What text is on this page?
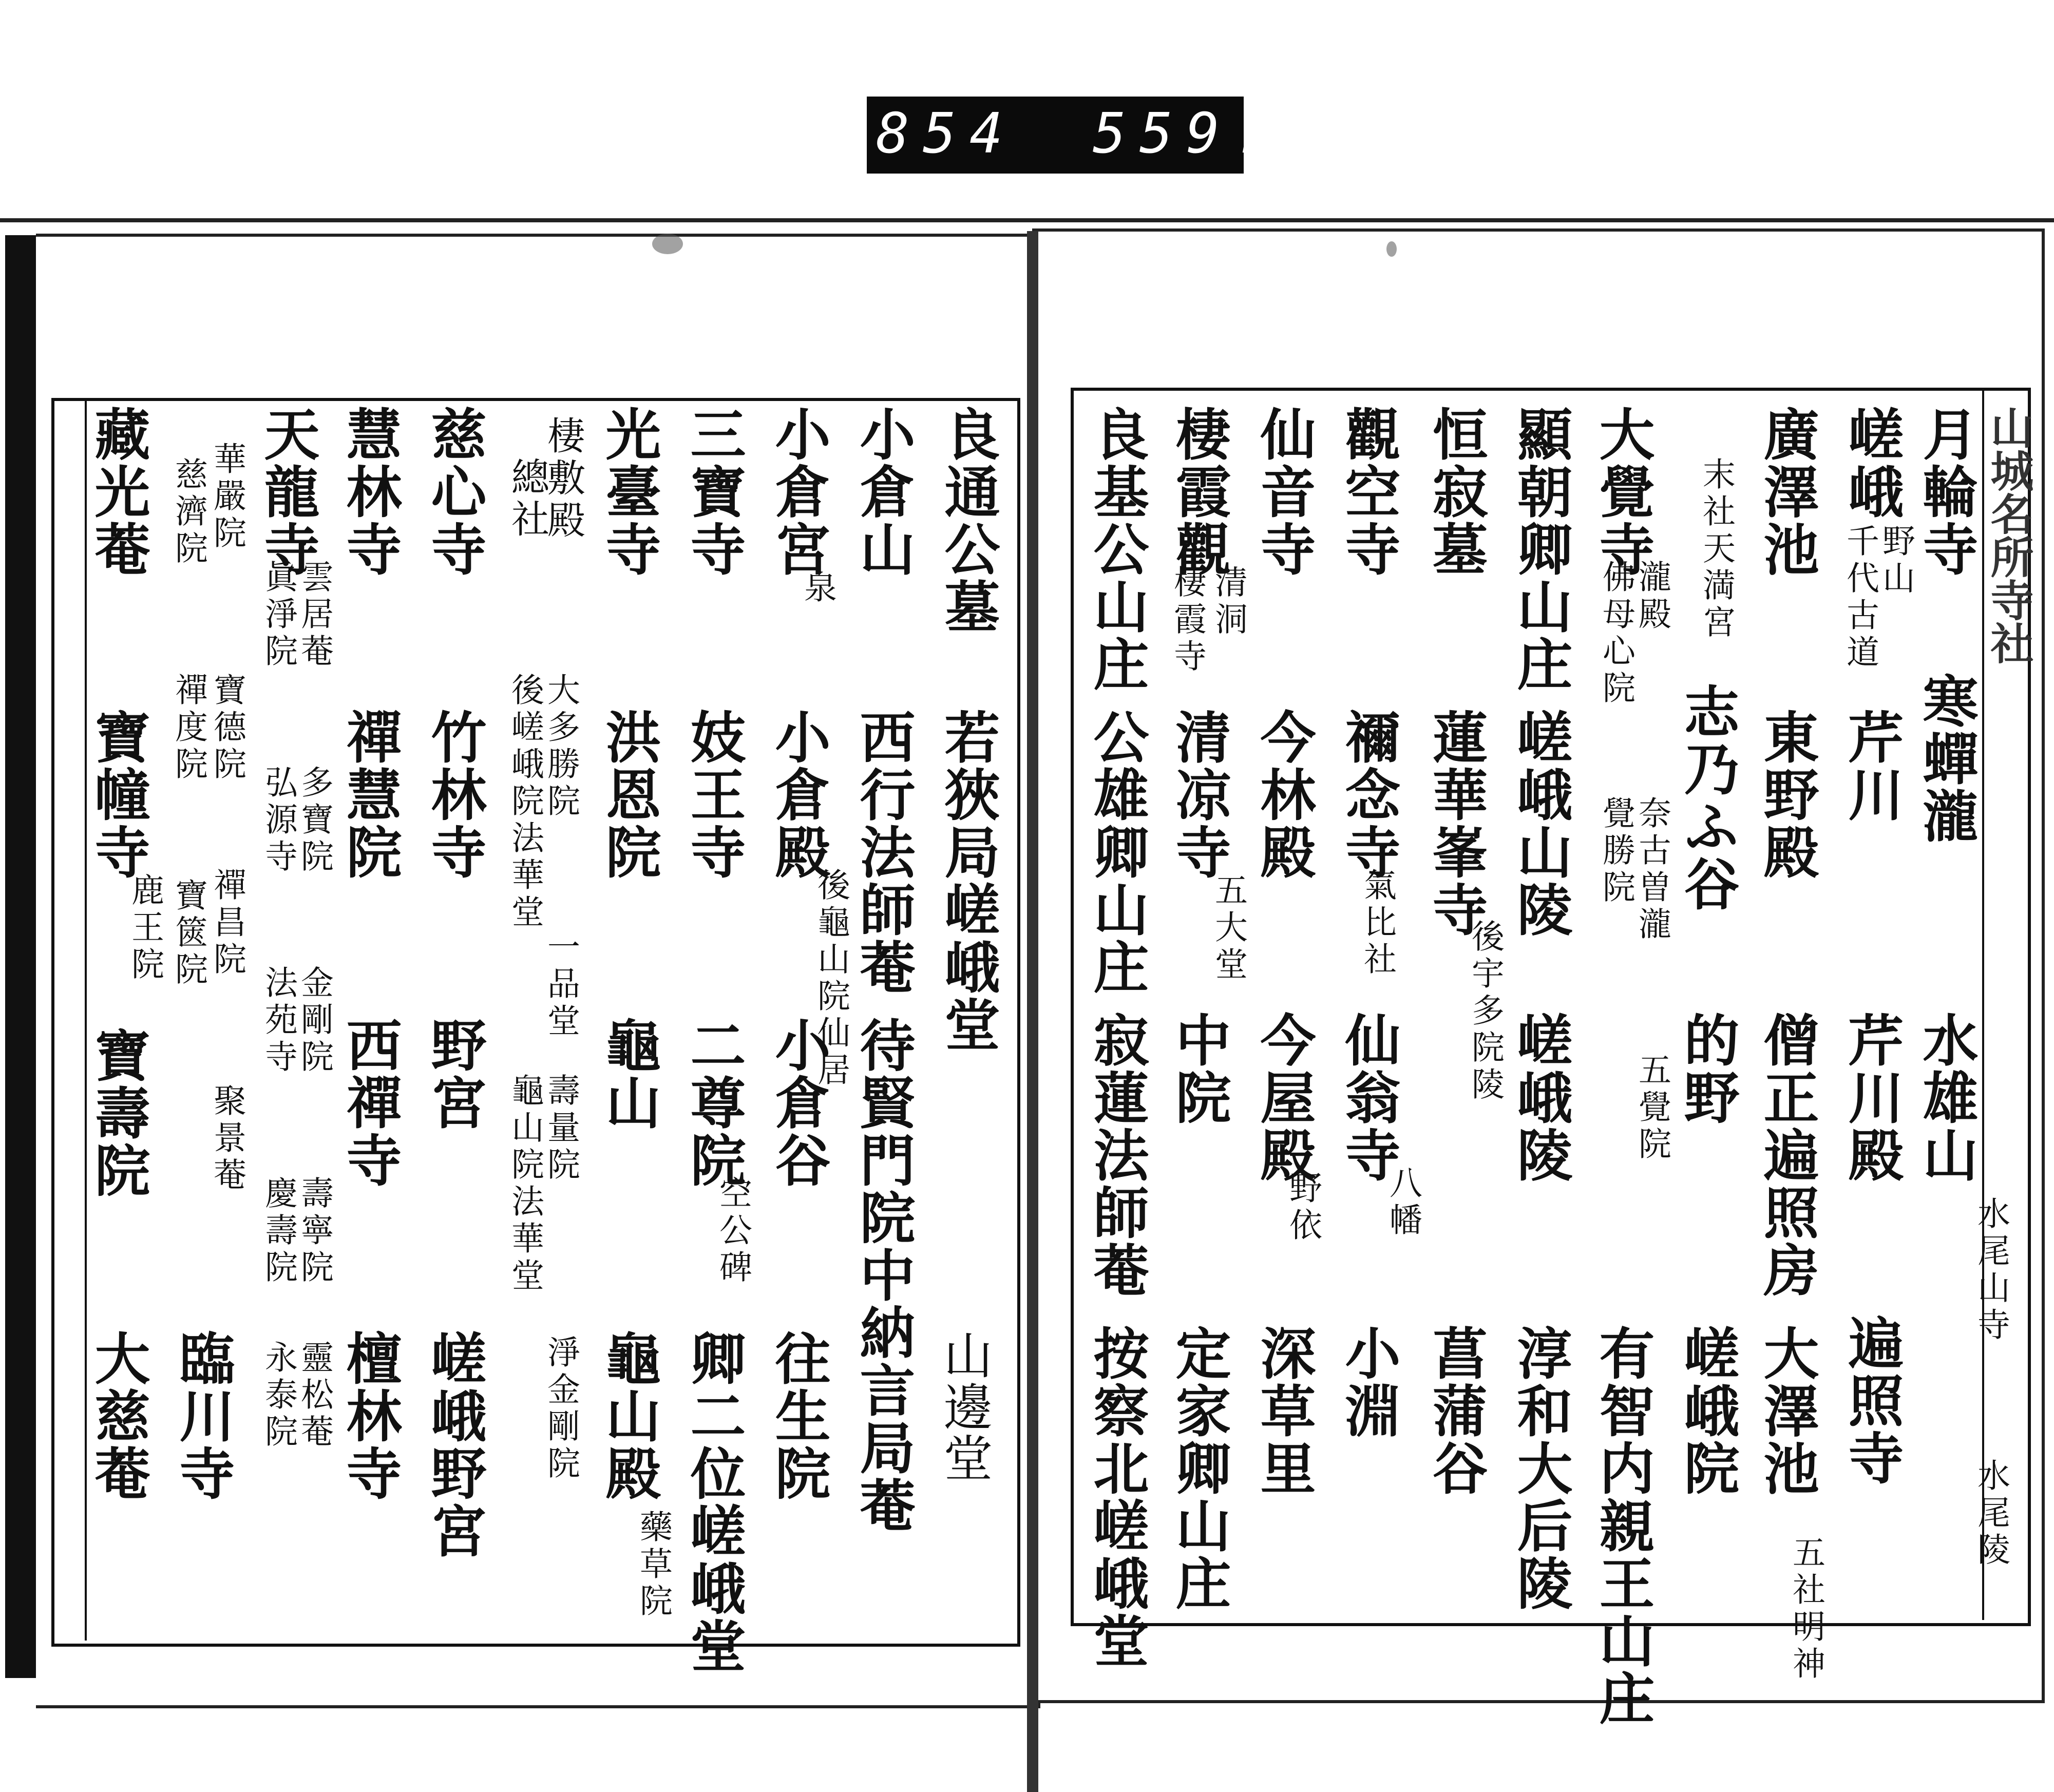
854 559.
山城名所寺社
月輪寺
寒蟬瀧
水雄山
水尾山寺
水尾陵
嵯峨
野山
千代古道
芹川
芹川殿
遍照寺
廣澤池
東野殿
僧正遍照房
大澤池
五社明神
末社天満宮
志乃ふ谷
的野
嵯峨院
大覺寺
瀧殿
佛母心院
覺勝院
奈古曽瀧
五覺院
有智内親王山庄
顯朝卿山庄
嵯峨山陵
嵯峨陵
淳和大后陵
恒寂墓
蓮華峯寺
後宇多院陵
菖蒲谷
觀空寺
禰念寺
氣比社
仙翁寺
八幡
小淵
仙音寺
今林殿
今屋殿
野依
深草里
棲霞觀
棲霞寺 清洞
清凉寺
五大堂
中院
定家卿山庄
良基公山庄
公雄卿山庄
寂蓮法師菴
按察北嵯峨堂
良通公墓
若狹局嵯峨堂
山邊堂
小倉山
西行法師菴
待賢門院中納言局菴
小倉宮
泉
小倉殿
後龜山院仙居
小倉谷
往生院
三寶寺
妓王寺
二尊院
空公碑
卿二位嵯峨堂
光臺寺
洪恩院
龜山
龜山殿
藥草院
棲敷殿
總社
大多勝院
後嵯峨院法華堂
一品堂
壽量院
龜山院法華堂
淨金剛院
慈心寺
竹林寺
野宮
嵯峨野宮
慧林寺
禪慧院
西禪寺
檀林寺
天龍寺
雲居菴
眞淨院
多寶院
弘源寺
金剛院
法苑寺
壽寧院
慶壽院
靈松菴
永泰院
華嚴院
慈濟院
寶德院
禪度院
禪昌院
寶篋院
聚景菴
藏光菴
寶幢寺
鹿王院
寶壽院
臨川寺
大慈菴
